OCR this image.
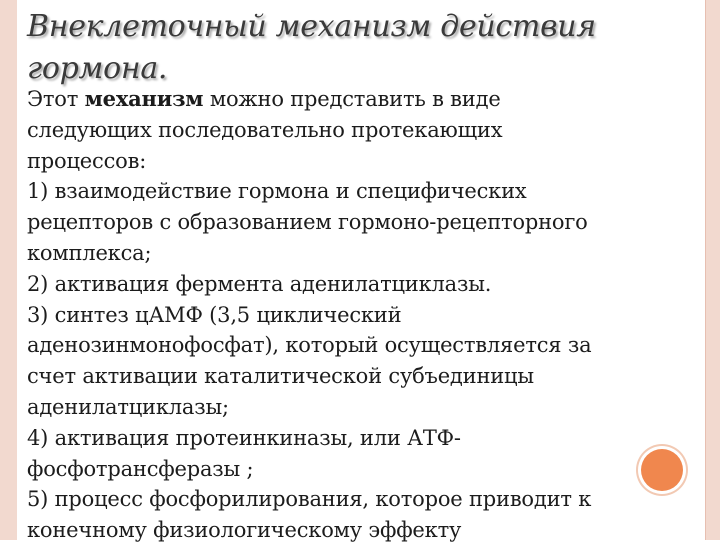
Внеклеточный механизм действия
гормона.
Этот механизм можно представить в виде
следующих последовательно протекающих
процессов:
1) взаимодействие гормона и специфических
рецепторов с образованием гормоно-рецепторного
комплекса;
2) активация фермента аденилатциклазы.
3) синтез цАМФ (3,5 циклический
аденозинмонофосфат), который осуществляется за
счет активации каталитической субъединицы
аденилатциклазы;
4) активация протеинкиназы, или АТФ-
фосфотрансферазы ;
5) процесс фосфорилирования, которое приводит к
конечному физиологическому эффекту
